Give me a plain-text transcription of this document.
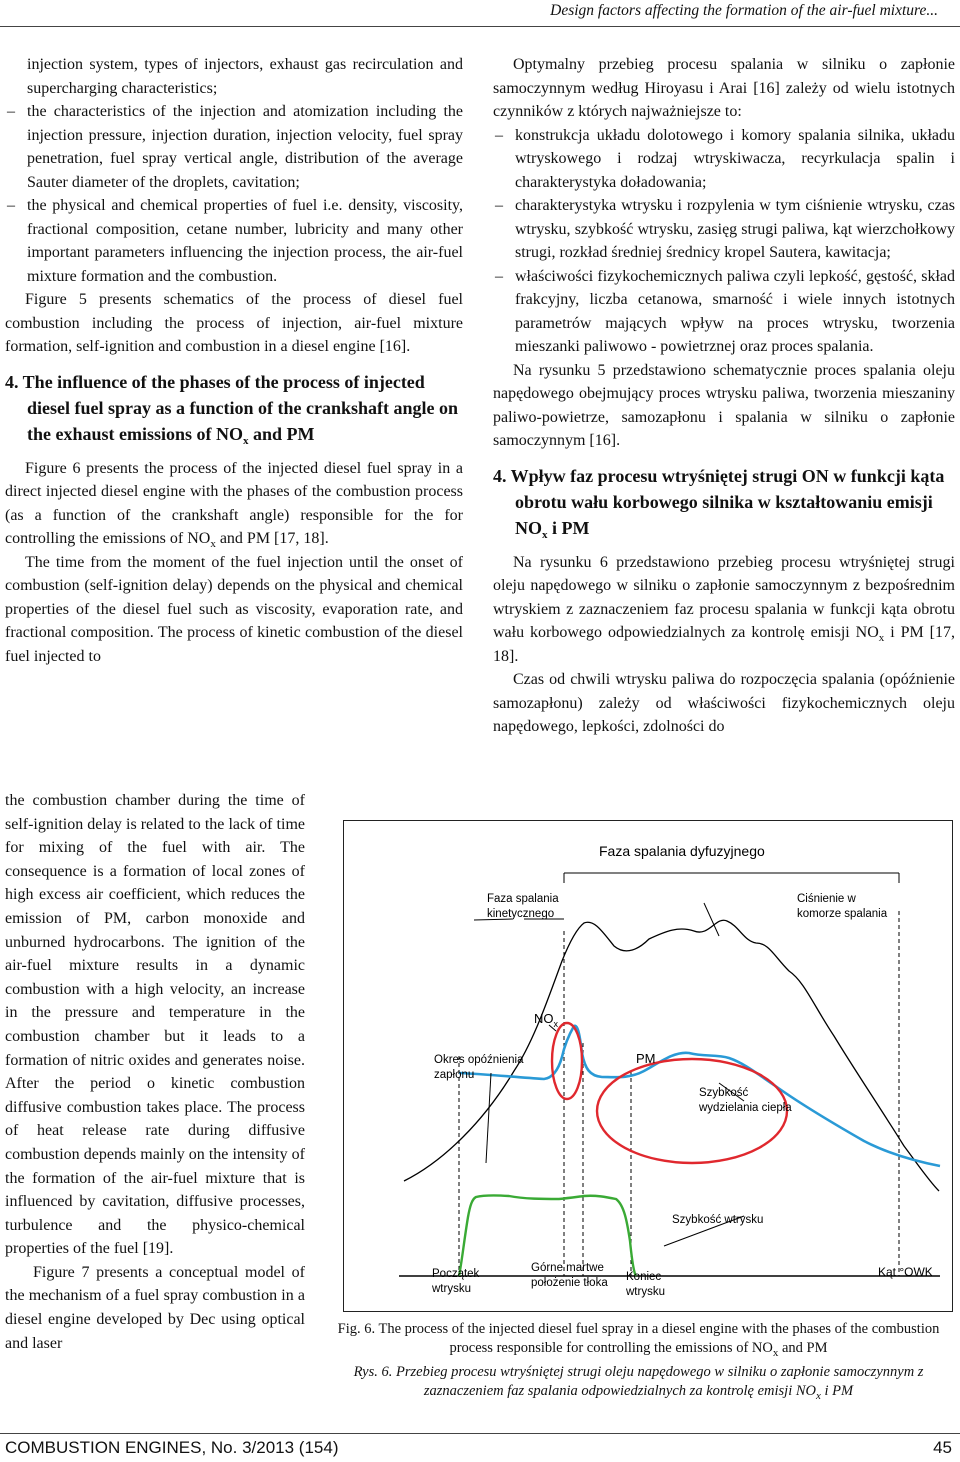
Design factors affecting the formation of the air-fuel mixture...

injection system, types of injectors, exhaust gas recirculation and supercharging characteristics;

– the characteristics of the injection and atomization including the injection pressure, injection duration, injection velocity, fuel spray penetration, fuel spray vertical angle, distribution of the average Sauter diameter of the droplets, cavitation;
– the physical and chemical properties of fuel i.e. density, viscosity, fractional composition, cetane number, lubricity and many other important parameters influencing the injection process, the air-fuel mixture formation and the combustion.

Figure 5 presents schematics of the process of diesel fuel combustion including the process of injection, air-fuel mixture formation, self-ignition and combustion in a diesel engine [16].

4. The influence of the phases of the process of injected diesel fuel spray as a function of the crankshaft angle on the exhaust emissions of $NO_x$ and PM

Figure 6 presents the process of the injected diesel fuel spray in a direct injected diesel engine with the phases of the combustion process (as a function of the crankshaft angle) responsible for the for controlling the emissions of $NO_x$ and PM [17, 18].

The time from the moment of the fuel injection until the onset of combustion (self-ignition delay) depends on the physical and chemical properties of the diesel fuel such as viscosity, evaporation rate, and fractional composition. The process of kinetic combustion of the diesel fuel injected to

the combustion chamber during the time of self-ignition delay is related to the lack of time for mixing of the fuel with air. The consequence is a formation of local zones of high excess air coefficient, which reduces the emission of PM, carbon monoxide and unburned hydrocarbons. The ignition of the air-fuel mixture results in a dynamic combustion with a high velocity, an increase in the pressure and temperature in the combustion chamber but it leads to a formation of nitric oxides and generates noise. After the period o kinetic combustion diffusive combustion takes place. The process of heat release rate during diffusive combustion depends mainly on the intensity of the formation of the air-fuel mixture that is influenced by cavitation, diffusive processes, turbulence and the physico-chemical properties of the fuel [19].

Figure 7 presents a conceptual model of the mechanism of a fuel spray combustion in a diesel engine developed by Dec using optical and laser

Optymalny przebieg procesu spalania w silniku o zapłonie samoczynnym według Hiroyasu i Arai [16] zależy od wielu istotnych czynników z których najważniejsze to:

– konstrukcja układu dolotowego i komory spalania silnika, układu wtryskowego i rodzaj wtryskiwacza, recyrkulacja spalin i charakterystyka doładowania;
– charakterystyka wtrysku i rozpylenia w tym ciśnienie wtrysku, czas wtrysku, szybkość wtrysku, zasięg strugi paliwa, kąt wierzchołkowy strugi, rozkład średniej średnicy kropel Sautera, kawitacja;
– właściwości fizykochemicznych paliwa czyli lepkość, gęstość, skład frakcyjny, liczba cetanowa, smarność i wiele innych istotnych parametrów mających wpływ na proces wtrysku, tworzenia mieszanki paliwowo - powietrznej oraz proces spalania.

Na rysunku 5 przedstawiono schematycznie proces spalania oleju napędowego obejmujący proces wtrysku paliwa, tworzenia mieszaniny paliwo-powietrze, samozapłonu i spalania w silniku o zapłonie samoczynnym [16].

4. Wpływ faz procesu wtryśniętej strugi ON w funkcji kąta obrotu wału korbowego silnika w kształtowaniu emisji $NO_x$ i PM

Na rysunku 6 przedstawiono przebieg procesu wtryśniętej strugi oleju napędowego w silniku o zapłonie samoczynnym z bezpośrednim wtryskiem z zaznaczeniem faz procesu spalania w funkcji kąta obrotu wału korbowego odpowiedzialnych za kontrolę emisji $NO_x$ i PM [17, 18].

Czas od chwili wtrysku paliwa do rozpoczęcia spalania (opóźnienie samozapłonu) zależy od właściwości fizykochemicznych oleju napędowego, lepkości, zdolności do

Faza spalania dyfuzyjnego
Faza spalania
kinetycznego
Ciśnienie w
komorze spalania
$NO_x$
Okres opóźnienia
zapłonu
PM
Szybkość
wydzielania ciepła
Szybkość wtrysku
Początek
wtrysku
Górne martwe
położenie tłoka Koniec
wtrysku
Kąt °OWK
Fig. 6. The process of the injected diesel fuel spray in a diesel engine with the phases of the combustion process responsible for controlling the emissions of $NO_x$ and PM
Rys. 6. Przebieg procesu wtryśniętej strugi oleju napędowego w silniku o zapłonie samoczynnym z zaznaczeniem faz spalania odpowiedzialnych za kontrolę emisji $NO_x$ i PM
COMBUSTION ENGINES, No. 3/2013 (154)	45
